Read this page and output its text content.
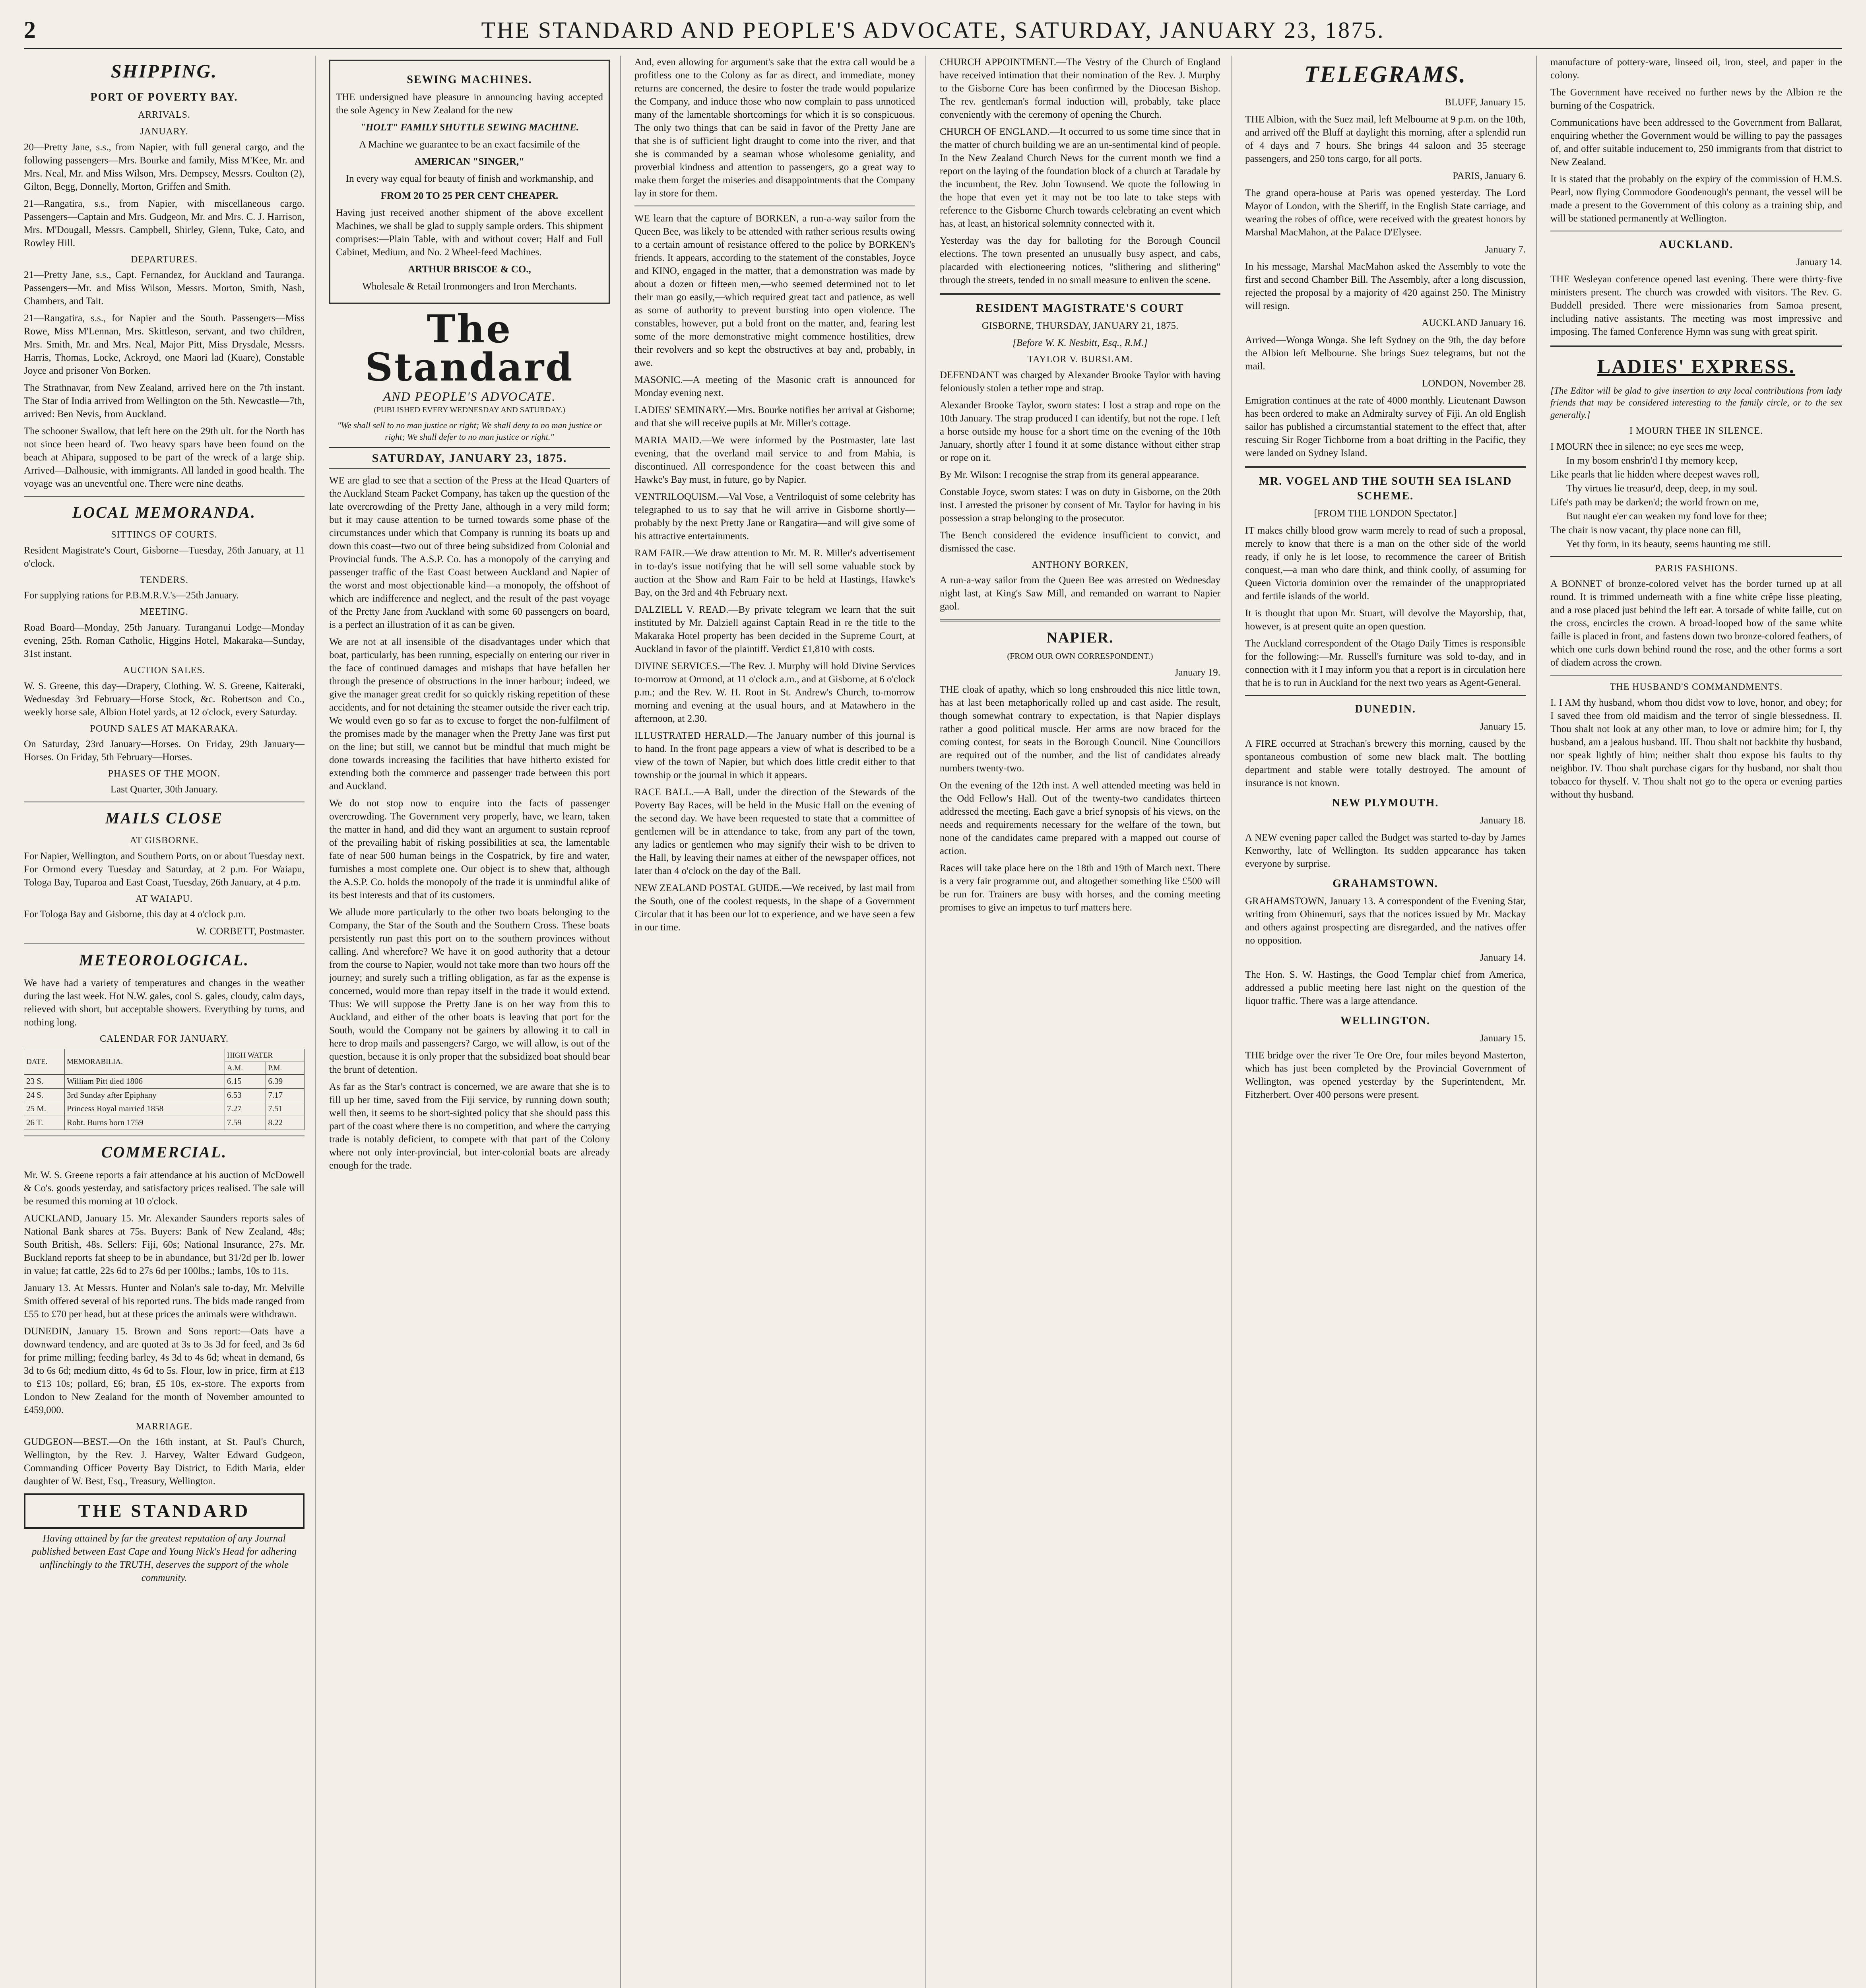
2	THE STANDARD AND PEOPLE'S ADVOCATE, SATURDAY, JANUARY 23, 1875.
SHIPPING.
PORT OF POVERTY BAY.
ARRIVALS.
JANUARY.

20—Pretty Jane, s.s., from Napier, with full general cargo, and the following passengers—Mrs. Bourke and family, Miss M'Kee, Mr. and Mrs. Neal, Mr. and Miss Wilson, Mrs. Dempsey, Messrs. Coulton (2), Gilton, Begg, Donnelly, Morton, Griffen and Smith.

21—Rangatira, s.s., from Napier, with miscellaneous cargo. Passengers—Captain and Mrs. Gudgeon, Mr. and Mrs. C. J. Harrison, Mrs. M'Dougall, Messrs. Campbell, Shirley, Glenn, Tuke, Cato, and Rowley Hill.

DEPARTURES.

21—Pretty Jane, s.s., Capt. Fernandez, for Auckland and Tauranga. Passengers—Mr. and Miss Wilson, Messrs. Morton, Smith, Nash, Chambers, and Tait.

21—Rangatira, s.s., for Napier and the South. Passengers—Miss Rowe, Miss M'Lennan, Mrs. Skittleson, servant, and two children, Mrs. Smith, Mr. and Mrs. Neal, Major Pitt, Miss Drysdale, Messrs. Harris, Thomas, Locke, Ackroyd, one Maori lad (Kuare), Constable Joyce and prisoner Von Borken.

The Strathnavar, from New Zealand, arrived here on the 7th instant. The Star of India arrived from Wellington on the 5th. Newcastle—7th, arrived: Ben Nevis, from Auckland.

The schooner Swallow, that left here on the 29th ult. for the North has not since been heard of. Two heavy spars have been found on the beach at Ahipara, supposed to be part of the wreck of a large ship. Arrived—Dalhousie, with immigrants. All landed in good health. The voyage was an uneventful one. There were nine deaths.

LOCAL MEMORANDA.
SITTINGS OF COURTS.

Resident Magistrate's Court, Gisborne—Tuesday, 26th January, at 11 o'clock.

TENDERS.

For supplying rations for P.B.M.R.V.'s—25th January.

MEETING.

Road Board—Monday, 25th January. Turanganui Lodge—Monday evening, 25th. Roman Catholic, Higgins Hotel, Makaraka—Sunday, 31st instant.

AUCTION SALES.

W. S. Greene, this day—Drapery, Clothing. W. S. Greene, Kaiteraki, Wednesday 3rd February—Horse Stock, &c. Robertson and Co., weekly horse sale, Albion Hotel yards, at 12 o'clock, every Saturday.

POUND SALES AT MAKARAKA.

On Saturday, 23rd January—Horses. On Friday, 29th January—Horses. On Friday, 5th February—Horses.

PHASES OF THE MOON.

Last Quarter, 30th January.

MAILS CLOSE
AT GISBORNE.

For Napier, Wellington, and Southern Ports, on or about Tuesday next. For Ormond every Tuesday and Saturday, at 2 p.m. For Waiapu, Tologa Bay, Tuparoa and East Coast, Tuesday, 26th January, at 4 p.m.

AT WAIAPU.

For Tologa Bay and Gisborne, this day at 4 o'clock p.m.

W. CORBETT, Postmaster.

METEOROLOGICAL.

We have had a variety of temperatures and changes in the weather during the last week. Hot N.W. gales, cool S. gales, cloudy, calm days, relieved with short, but acceptable showers. Everything by turns, and nothing long.

CALENDAR FOR JANUARY.
DATE.	MEMORABILIA.	HIGH WATER	
		A.M.	P.M.
23 S.	William Pitt died 1806	6.15	6.39
24 S.	3rd Sunday after Epiphany	6.53	7.17
25 M.	Princess Royal married 1858	7.27	7.51
26 T.	Robt. Burns born 1759	7.59	8.22
COMMERCIAL.

Mr. W. S. Greene reports a fair attendance at his auction of McDowell & Co's. goods yesterday, and satisfactory prices realised. The sale will be resumed this morning at 10 o'clock.

AUCKLAND, January 15. Mr. Alexander Saunders reports sales of National Bank shares at 75s. Buyers: Bank of New Zealand, 48s; South British, 48s. Sellers: Fiji, 60s; National Insurance, 27s. Mr. Buckland reports fat sheep to be in abundance, but 31/2d per lb. lower in value; fat cattle, 22s 6d to 27s 6d per 100lbs.; lambs, 10s to 11s.

January 13. At Messrs. Hunter and Nolan's sale to-day, Mr. Melville Smith offered several of his reported runs. The bids made ranged from £55 to £70 per head, but at these prices the animals were withdrawn.

DUNEDIN, January 15. Brown and Sons report:—Oats have a downward tendency, and are quoted at 3s to 3s 3d for feed, and 3s 6d for prime milling; feeding barley, 4s 3d to 4s 6d; wheat in demand, 6s 3d to 6s 6d; medium ditto, 4s 6d to 5s. Flour, low in price, firm at £13 to £13 10s; pollard, £6; bran, £5 10s, ex-store. The exports from London to New Zealand for the month of November amounted to £459,000.

MARRIAGE.

GUDGEON—BEST.—On the 16th instant, at St. Paul's Church, Wellington, by the Rev. J. Harvey, Walter Edward Gudgeon, Commanding Officer Poverty Bay District, to Edith Maria, elder daughter of W. Best, Esq., Treasury, Wellington.

THE STANDARD

Having attained by far the greatest reputation of any Journal published between East Cape and Young Nick's Head for adhering unflinchingly to the TRUTH, deserves the support of the whole community.

SEWING MACHINES.

THE undersigned have pleasure in announcing having accepted the sole Agency in New Zealand for the new

"HOLT" FAMILY SHUTTLE SEWING MACHINE.

A Machine we guarantee to be an exact facsimile of the

AMERICAN "SINGER,"

In every way equal for beauty of finish and workmanship, and

FROM 20 TO 25 PER CENT CHEAPER.

Having just received another shipment of the above excellent Machines, we shall be glad to supply sample orders. This shipment comprises:—Plain Table, with and without cover; Half and Full Cabinet, Medium, and No. 2 Wheel-feed Machines.

ARTHUR BRISCOE & CO.,

Wholesale & Retail Ironmongers and Iron Merchants.

The Standard
AND PEOPLE'S ADVOCATE.

(PUBLISHED EVERY WEDNESDAY AND SATURDAY.)

"We shall sell to no man justice or right; We shall deny to no man justice or right; We shall defer to no man justice or right."

SATURDAY, JANUARY 23, 1875.

WE are glad to see that a section of the Press at the Head Quarters of the Auckland Steam Packet Company, has taken up the question of the late overcrowding of the Pretty Jane, although in a very mild form; but it may cause attention to be turned towards some phase of the circumstances under which that Company is running its boats up and down this coast—two out of three being subsidized from Colonial and Provincial funds. The A.S.P. Co. has a monopoly of the carrying and passenger traffic of the East Coast between Auckland and Napier of the worst and most objectionable kind—a monopoly, the offshoot of which are indifference and neglect, and the result of the past voyage of the Pretty Jane from Auckland with some 60 passengers on board, is a perfect an illustration of it as can be given.

We are not at all insensible of the disadvantages under which that boat, particularly, has been running, especially on entering our river in the face of continued damages and mishaps that have befallen her through the presence of obstructions in the inner harbour; indeed, we give the manager great credit for so quickly risking repetition of these accidents, and for not detaining the steamer outside the river each trip. We would even go so far as to excuse to forget the non-fulfilment of the promises made by the manager when the Pretty Jane was first put on the line; but still, we cannot but be mindful that much might be done towards increasing the facilities that have hitherto existed for extending both the commerce and passenger trade between this port and Auckland.

We do not stop now to enquire into the facts of passenger overcrowding. The Government very properly, have, we learn, taken the matter in hand, and did they want an argument to sustain reproof of the prevailing habit of risking possibilities at sea, the lamentable fate of near 500 human beings in the Cospatrick, by fire and water, furnishes a most complete one. Our object is to shew that, although the A.S.P. Co. holds the monopoly of the trade it is unmindful alike of its best interests and that of its customers.

We allude more particularly to the other two boats belonging to the Company, the Star of the South and the Southern Cross. These boats persistently run past this port on to the southern provinces without calling. And wherefore? We have it on good authority that a detour from the course to Napier, would not take more than two hours off the journey; and surely such a trifling obligation, as far as the expense is concerned, would more than repay itself in the trade it would extend. Thus: We will suppose the Pretty Jane is on her way from this to Auckland, and either of the other boats is leaving that port for the South, would the Company not be gainers by allowing it to call in here to drop mails and passengers? Cargo, we will allow, is out of the question, because it is only proper that the subsidized boat should bear the brunt of detention.

As far as the Star's contract is concerned, we are aware that she is to fill up her time, saved from the Fiji service, by running down south; well then, it seems to be short-sighted policy that she should pass this part of the coast where there is no competition, and where the carrying trade is notably deficient, to compete with that part of the Colony where not only inter-provincial, but inter-colonial boats are already enough for the trade.

And, even allowing for argument's sake that the extra call would be a profitless one to the Colony as far as direct, and immediate, money returns are concerned, the desire to foster the trade would popularize the Company, and induce those who now complain to pass unnoticed many of the lamentable shortcomings for which it is so conspicuous. The only two things that can be said in favor of the Pretty Jane are that she is of sufficient light draught to come into the river, and that she is commanded by a seaman whose wholesome geniality, and proverbial kindness and attention to passengers, go a great way to make them forget the miseries and disappointments that the Company lay in store for them.

WE learn that the capture of BORKEN, a run-a-way sailor from the Queen Bee, was likely to be attended with rather serious results owing to a certain amount of resistance offered to the police by BORKEN's friends. It appears, according to the statement of the constables, Joyce and KINO, engaged in the matter, that a demonstration was made by about a dozen or fifteen men,—who seemed determined not to let their man go easily,—which required great tact and patience, as well as some of authority to prevent bursting into open violence. The constables, however, put a bold front on the matter, and, fearing lest some of the more demonstrative might commence hostilities, drew their revolvers and so kept the obstructives at bay and, probably, in awe.

MASONIC.—A meeting of the Masonic craft is announced for Monday evening next.

LADIES' SEMINARY.—Mrs. Bourke notifies her arrival at Gisborne; and that she will receive pupils at Mr. Miller's cottage.

MARIA MAID.—We were informed by the Postmaster, late last evening, that the overland mail service to and from Mahia, is discontinued. All correspondence for the coast between this and Hawke's Bay must, in future, go by Napier.

VENTRILOQUISM.—Val Vose, a Ventriloquist of some celebrity has telegraphed to us to say that he will arrive in Gisborne shortly—probably by the next Pretty Jane or Rangatira—and will give some of his attractive entertainments.

RAM FAIR.—We draw attention to Mr. M. R. Miller's advertisement in to-day's issue notifying that he will sell some valuable stock by auction at the Show and Ram Fair to be held at Hastings, Hawke's Bay, on the 3rd and 4th February next.

DALZIELL V. READ.—By private telegram we learn that the suit instituted by Mr. Dalziell against Captain Read in re the title to the Makaraka Hotel property has been decided in the Supreme Court, at Auckland in favor of the plaintiff. Verdict £1,810 with costs.

DIVINE SERVICES.—The Rev. J. Murphy will hold Divine Services to-morrow at Ormond, at 11 o'clock a.m., and at Gisborne, at 6 o'clock p.m.; and the Rev. W. H. Root in St. Andrew's Church, to-morrow morning and evening at the usual hours, and at Matawhero in the afternoon, at 2.30.

ILLUSTRATED HERALD.—The January number of this journal is to hand. In the front page appears a view of what is described to be a view of the town of Napier, but which does little credit either to that township or the journal in which it appears.

RACE BALL.—A Ball, under the direction of the Stewards of the Poverty Bay Races, will be held in the Music Hall on the evening of the second day. We have been requested to state that a committee of gentlemen will be in attendance to take, from any part of the town, any ladies or gentlemen who may signify their wish to be driven to the Hall, by leaving their names at either of the newspaper offices, not later than 4 o'clock on the day of the Ball.

NEW ZEALAND POSTAL GUIDE.—We received, by last mail from the South, one of the coolest requests, in the shape of a Government Circular that it has been our lot to experience, and we have seen a few in our time.

CHURCH APPOINTMENT.—The Vestry of the Church of England have received intimation that their nomination of the Rev. J. Murphy to the Gisborne Cure has been confirmed by the Diocesan Bishop. The rev. gentleman's formal induction will, probably, take place conveniently with the ceremony of opening the Church.

CHURCH OF ENGLAND.—It occurred to us some time since that in the matter of church building we are an un-sentimental kind of people. In the New Zealand Church News for the current month we find a report on the laying of the foundation block of a church at Taradale by the incumbent, the Rev. John Townsend. We quote the following in the hope that even yet it may not be too late to take steps with reference to the Gisborne Church towards celebrating an event which has, at least, an historical solemnity connected with it.

Yesterday was the day for balloting for the Borough Council elections. The town presented an unusually busy aspect, and cabs, placarded with electioneering notices, "slithering and slithering" through the streets, tended in no small measure to enliven the scene.

RESIDENT MAGISTRATE'S COURT

GISBORNE, THURSDAY, JANUARY 21, 1875.

[Before W. K. Nesbitt, Esq., R.M.]

TAYLOR V. BURSLAM.

DEFENDANT was charged by Alexander Brooke Taylor with having feloniously stolen a tether rope and strap.

Alexander Brooke Taylor, sworn states: I lost a strap and rope on the 10th January. The strap produced I can identify, but not the rope. I left a horse outside my house for a short time on the evening of the 10th January, shortly after I found it at some distance without either strap or rope on it.

By Mr. Wilson: I recognise the strap from its general appearance.

Constable Joyce, sworn states: I was on duty in Gisborne, on the 20th inst. I arrested the prisoner by consent of Mr. Taylor for having in his possession a strap belonging to the prosecutor.

The Bench considered the evidence insufficient to convict, and dismissed the case.

ANTHONY BORKEN,

A run-a-way sailor from the Queen Bee was arrested on Wednesday night last, at King's Saw Mill, and remanded on warrant to Napier gaol.

NAPIER.

(FROM OUR OWN CORRESPONDENT.)

January 19.

THE cloak of apathy, which so long enshrouded this nice little town, has at last been metaphorically rolled up and cast aside. The result, though somewhat contrary to expectation, is that Napier displays rather a good political muscle. Her arms are now braced for the coming contest, for seats in the Borough Council. Nine Councillors are required out of the number, and the list of candidates already numbers twenty-two.

On the evening of the 12th inst. A well attended meeting was held in the Odd Fellow's Hall. Out of the twenty-two candidates thirteen addressed the meeting. Each gave a brief synopsis of his views, on the needs and requirements necessary for the welfare of the town, but none of the candidates came prepared with a mapped out course of action.

Races will take place here on the 18th and 19th of March next. There is a very fair programme out, and altogether something like £500 will be run for. Trainers are busy with horses, and the coming meeting promises to give an impetus to turf matters here.

TELEGRAMS.

BLUFF, January 15.

THE Albion, with the Suez mail, left Melbourne at 9 p.m. on the 10th, and arrived off the Bluff at daylight this morning, after a splendid run of 4 days and 7 hours. She brings 44 saloon and 35 steerage passengers, and 250 tons cargo, for all ports.

PARIS, January 6.

The grand opera-house at Paris was opened yesterday. The Lord Mayor of London, with the Sheriff, in the English State carriage, and wearing the robes of office, were received with the greatest honors by Marshal MacMahon, at the Palace D'Elysee.

January 7.

In his message, Marshal MacMahon asked the Assembly to vote the first and second Chamber Bill. The Assembly, after a long discussion, rejected the proposal by a majority of 420 against 250. The Ministry will resign.

AUCKLAND January 16.

Arrived—Wonga Wonga. She left Sydney on the 9th, the day before the Albion left Melbourne. She brings Suez telegrams, but not the mail.

LONDON, November 28.

Emigration continues at the rate of 4000 monthly. Lieutenant Dawson has been ordered to make an Admiralty survey of Fiji. An old English sailor has published a circumstantial statement to the effect that, after rescuing Sir Roger Tichborne from a boat drifting in the Pacific, they were landed on Sydney Island.

MR. VOGEL AND THE SOUTH SEA ISLAND SCHEME.

[FROM THE LONDON Spectator.]

IT makes chilly blood grow warm merely to read of such a proposal, merely to know that there is a man on the other side of the world ready, if only he is let loose, to recommence the career of British conquest,—a man who dare think, and think coolly, of assuming for Queen Victoria dominion over the remainder of the unappropriated and fertile islands of the world.

It is thought that upon Mr. Stuart, will devolve the Mayorship, that, however, is at present quite an open question.

The Auckland correspondent of the Otago Daily Times is responsible for the following:—Mr. Russell's furniture was sold to-day, and in connection with it I may inform you that a report is in circulation here that he is to run in Auckland for the next two years as Agent-General.

DUNEDIN.

January 15.

A FIRE occurred at Strachan's brewery this morning, caused by the spontaneous combustion of some new black malt. The bottling department and stable were totally destroyed. The amount of insurance is not known.

NEW PLYMOUTH.

January 18.

A NEW evening paper called the Budget was started to-day by James Kenworthy, late of Wellington. Its sudden appearance has taken everyone by surprise.

GRAHAMSTOWN.

GRAHAMSTOWN, January 13. A correspondent of the Evening Star, writing from Ohinemuri, says that the notices issued by Mr. Mackay and others against prospecting are disregarded, and the natives offer no opposition.

January 14.

The Hon. S. W. Hastings, the Good Templar chief from America, addressed a public meeting here last night on the question of the liquor traffic. There was a large attendance.

WELLINGTON.

January 15.

THE bridge over the river Te Ore Ore, four miles beyond Masterton, which has just been completed by the Provincial Government of Wellington, was opened yesterday by the Superintendent, Mr. Fitzherbert. Over 400 persons were present.

manufacture of pottery-ware, linseed oil, iron, steel, and paper in the colony.

The Government have received no further news by the Albion re the burning of the Cospatrick.

Communications have been addressed to the Government from Ballarat, enquiring whether the Government would be willing to pay the passages of, and offer suitable inducement to, 250 immigrants from that district to New Zealand.

It is stated that the probably on the expiry of the commission of H.M.S. Pearl, now flying Commodore Goodenough's pennant, the vessel will be made a present to the Government of this colony as a training ship, and will be stationed permanently at Wellington.

AUCKLAND.

January 14.

THE Wesleyan conference opened last evening. There were thirty-five ministers present. The church was crowded with visitors. The Rev. G. Buddell presided. There were missionaries from Samoa present, including native assistants. The meeting was most impressive and imposing. The famed Conference Hymn was sung with great spirit.

LADIES' EXPRESS.

[The Editor will be glad to give insertion to any local contributions from lady friends that may be considered interesting to the family circle, or to the sex generally.]

I MOURN THEE IN SILENCE.

I MOURN thee in silence; no eye sees me weep,

In my bosom enshrin'd I thy memory keep,

Like pearls that lie hidden where deepest waves roll,

Thy virtues lie treasur'd, deep, deep, in my soul.

Life's path may be darken'd; the world frown on me,

But naught e'er can weaken my fond love for thee;

The chair is now vacant, thy place none can fill,

Yet thy form, in its beauty, seems haunting me still.

PARIS FASHIONS.

A BONNET of bronze-colored velvet has the border turned up at all round. It is trimmed underneath with a fine white crêpe lisse pleating, and a rose placed just behind the left ear. A torsade of white faille, cut on the cross, encircles the crown. A broad-looped bow of the same white faille is placed in front, and fastens down two bronze-colored feathers, of which one curls down behind round the rose, and the other forms a sort of diadem across the crown.

THE HUSBAND'S COMMANDMENTS.

I. I AM thy husband, whom thou didst vow to love, honor, and obey; for I saved thee from old maidism and the terror of single blessedness. II. Thou shalt not look at any other man, to love or admire him; for I, thy husband, am a jealous husband. III. Thou shalt not backbite thy husband, nor speak lightly of him; neither shalt thou expose his faults to thy neighbor. IV. Thou shalt purchase cigars for thy husband, nor shalt thou tobacco for thyself. V. Thou shalt not go to the opera or evening parties without thy husband.
